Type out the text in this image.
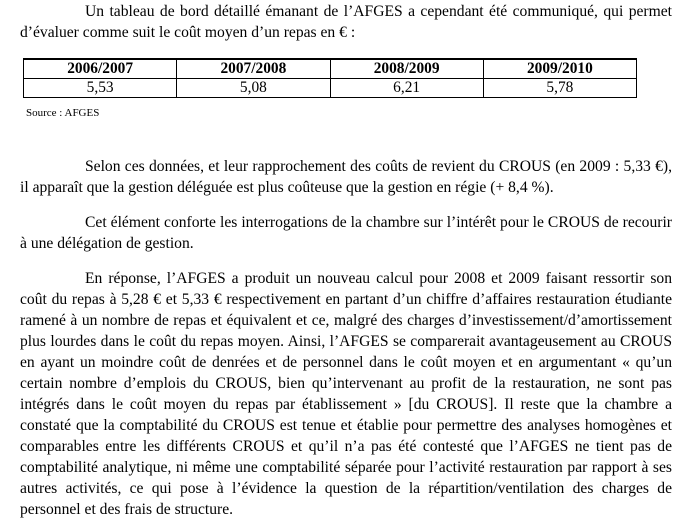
Un tableau de bord détaillé émanant de l’AFGES a cependant été communiqué, qui permet d’évaluer comme suit le coût moyen d’un repas en € :

2006/2007	2007/2008	2008/2009	2009/2010
5,53	5,08	6,21	5,78
Source : AFGES

Selon ces données, et leur rapprochement des coûts de revient du CROUS (en 2009 : 5,33 €), il apparaît que la gestion déléguée est plus coûteuse que la gestion en régie (+ 8,4 %).

Cet élément conforte les interrogations de la chambre sur l’intérêt pour le CROUS de recourir à une délégation de gestion.

En réponse, l’AFGES a produit un nouveau calcul pour 2008 et 2009 faisant ressortir son coût du repas à 5,28 € et 5,33 € respectivement en partant d’un chiffre d’affaires restauration étudiante ramené à un nombre de repas et équivalent et ce, malgré des charges d’investissement/d’amortissement plus lourdes dans le coût du repas moyen. Ainsi, l’AFGES se comparerait avantageusement au CROUS en ayant un moindre coût de denrées et de personnel dans le coût moyen et en argumentant « qu’un certain nombre d’emplois du CROUS, bien qu’intervenant au profit de la restauration, ne sont pas intégrés dans le coût moyen du repas par établissement » [du CROUS]. Il reste que la chambre a constaté que la comptabilité du CROUS est tenue et établie pour permettre des analyses homogènes et comparables entre les différents CROUS et qu’il n’a pas été contesté que l’AFGES ne tient pas de comptabilité analytique, ni même une comptabilité séparée pour l’activité restauration par rapport à ses autres activités, ce qui pose à l’évidence la question de la répartition/ventilation des charges de personnel et des frais de structure.
